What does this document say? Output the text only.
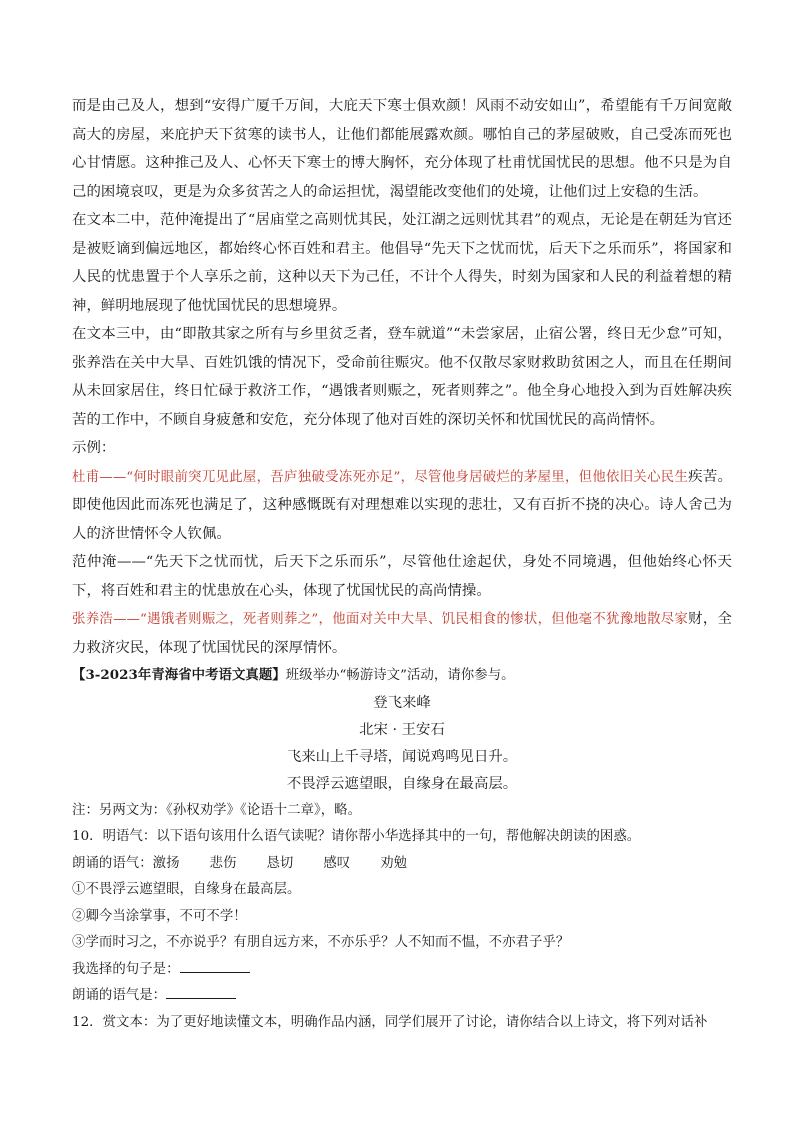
而是由己及人，想到“安得广厦千万间，大庇天下寒士俱欢颜！风雨不动安如山”，希望能有千万间宽敞高大的房屋，来庇护天下贫寒的读书人，让他们都能展露欢颜。哪怕自己的茅屋破败，自己受冻而死也心甘情愿。这种推己及人、心怀天下寒士的博大胸怀，充分体现了杜甫忧国忧民的思想。他不只是为自己的困境哀叹，更是为众多贫苦之人的命运担忧，渴望能改变他们的处境，让他们过上安稳的生活。

在文本二中，范仲淹提出了“居庙堂之高则忧其民，处江湖之远则忧其君”的观点，无论是在朝廷为官还是被贬谪到偏远地区，都始终心怀百姓和君主。他倡导“先天下之忧而忧，后天下之乐而乐”，将国家和人民的忧患置于个人享乐之前，这种以天下为己任，不计个人得失，时刻为国家和人民的利益着想的精神，鲜明地展现了他忧国忧民的思想境界。

在文本三中，由“即散其家之所有与乡里贫乏者，登车就道”“未尝家居，止宿公署，终日无少怠”可知，张养浩在关中大旱、百姓饥饿的情况下，受命前往赈灾。他不仅散尽家财救助贫困之人，而且在任期间从未回家居住，终日忙碌于救济工作，“遇饿者则赈之，死者则葬之”。他全身心地投入到为百姓解决疾苦的工作中，不顾自身疲惫和安危，充分体现了他对百姓的深切关怀和忧国忧民的高尚情怀。

示例：

杜甫——“何时眼前突兀见此屋，吾庐独破受冻死亦足”，尽管他身居破烂的茅屋里，但他依旧关心民生疾苦。即使他因此而冻死也满足了，这种感慨既有对理想难以实现的悲壮，又有百折不挠的决心。诗人舍己为人的济世情怀令人钦佩。

范仲淹——“先天下之忧而忧，后天下之乐而乐”，尽管他仕途起伏，身处不同境遇，但他始终心怀天下，将百姓和君主的忧患放在心头，体现了忧国忧民的高尚情操。

张养浩——“遇饿者则赈之，死者则葬之”，他面对关中大旱、饥民相食的惨状，但他毫不犹豫地散尽家财，全力救济灾民，体现了忧国忧民的深厚情怀。

【3-2023年青海省中考语文真题】班级举办“畅游诗文”活动，请你参与。

登飞来峰

北宋 · 王安石

飞来山上千寻塔，闻说鸡鸣见日升。

不畏浮云遮望眼，自缘身在最高层。

注：另两文为：《孙权劝学》《论语十二章》，略。

10．明语气：以下语句该用什么语气读呢？请你帮小华选择其中的一句，帮他解决朗读的困惑。

朗诵的语气：激扬 悲伤 恳切 感叹 劝勉

①不畏浮云遮望眼，自缘身在最高层。

②卿今当涂掌事，不可不学！

③学而时习之，不亦说乎？有朋自远方来，不亦乐乎？人不知而不愠，不亦君子乎？

我选择的句子是：

朗诵的语气是：

12．赏文本：为了更好地读懂文本，明确作品内涵，同学们展开了讨论，请你结合以上诗文，将下列对话补
